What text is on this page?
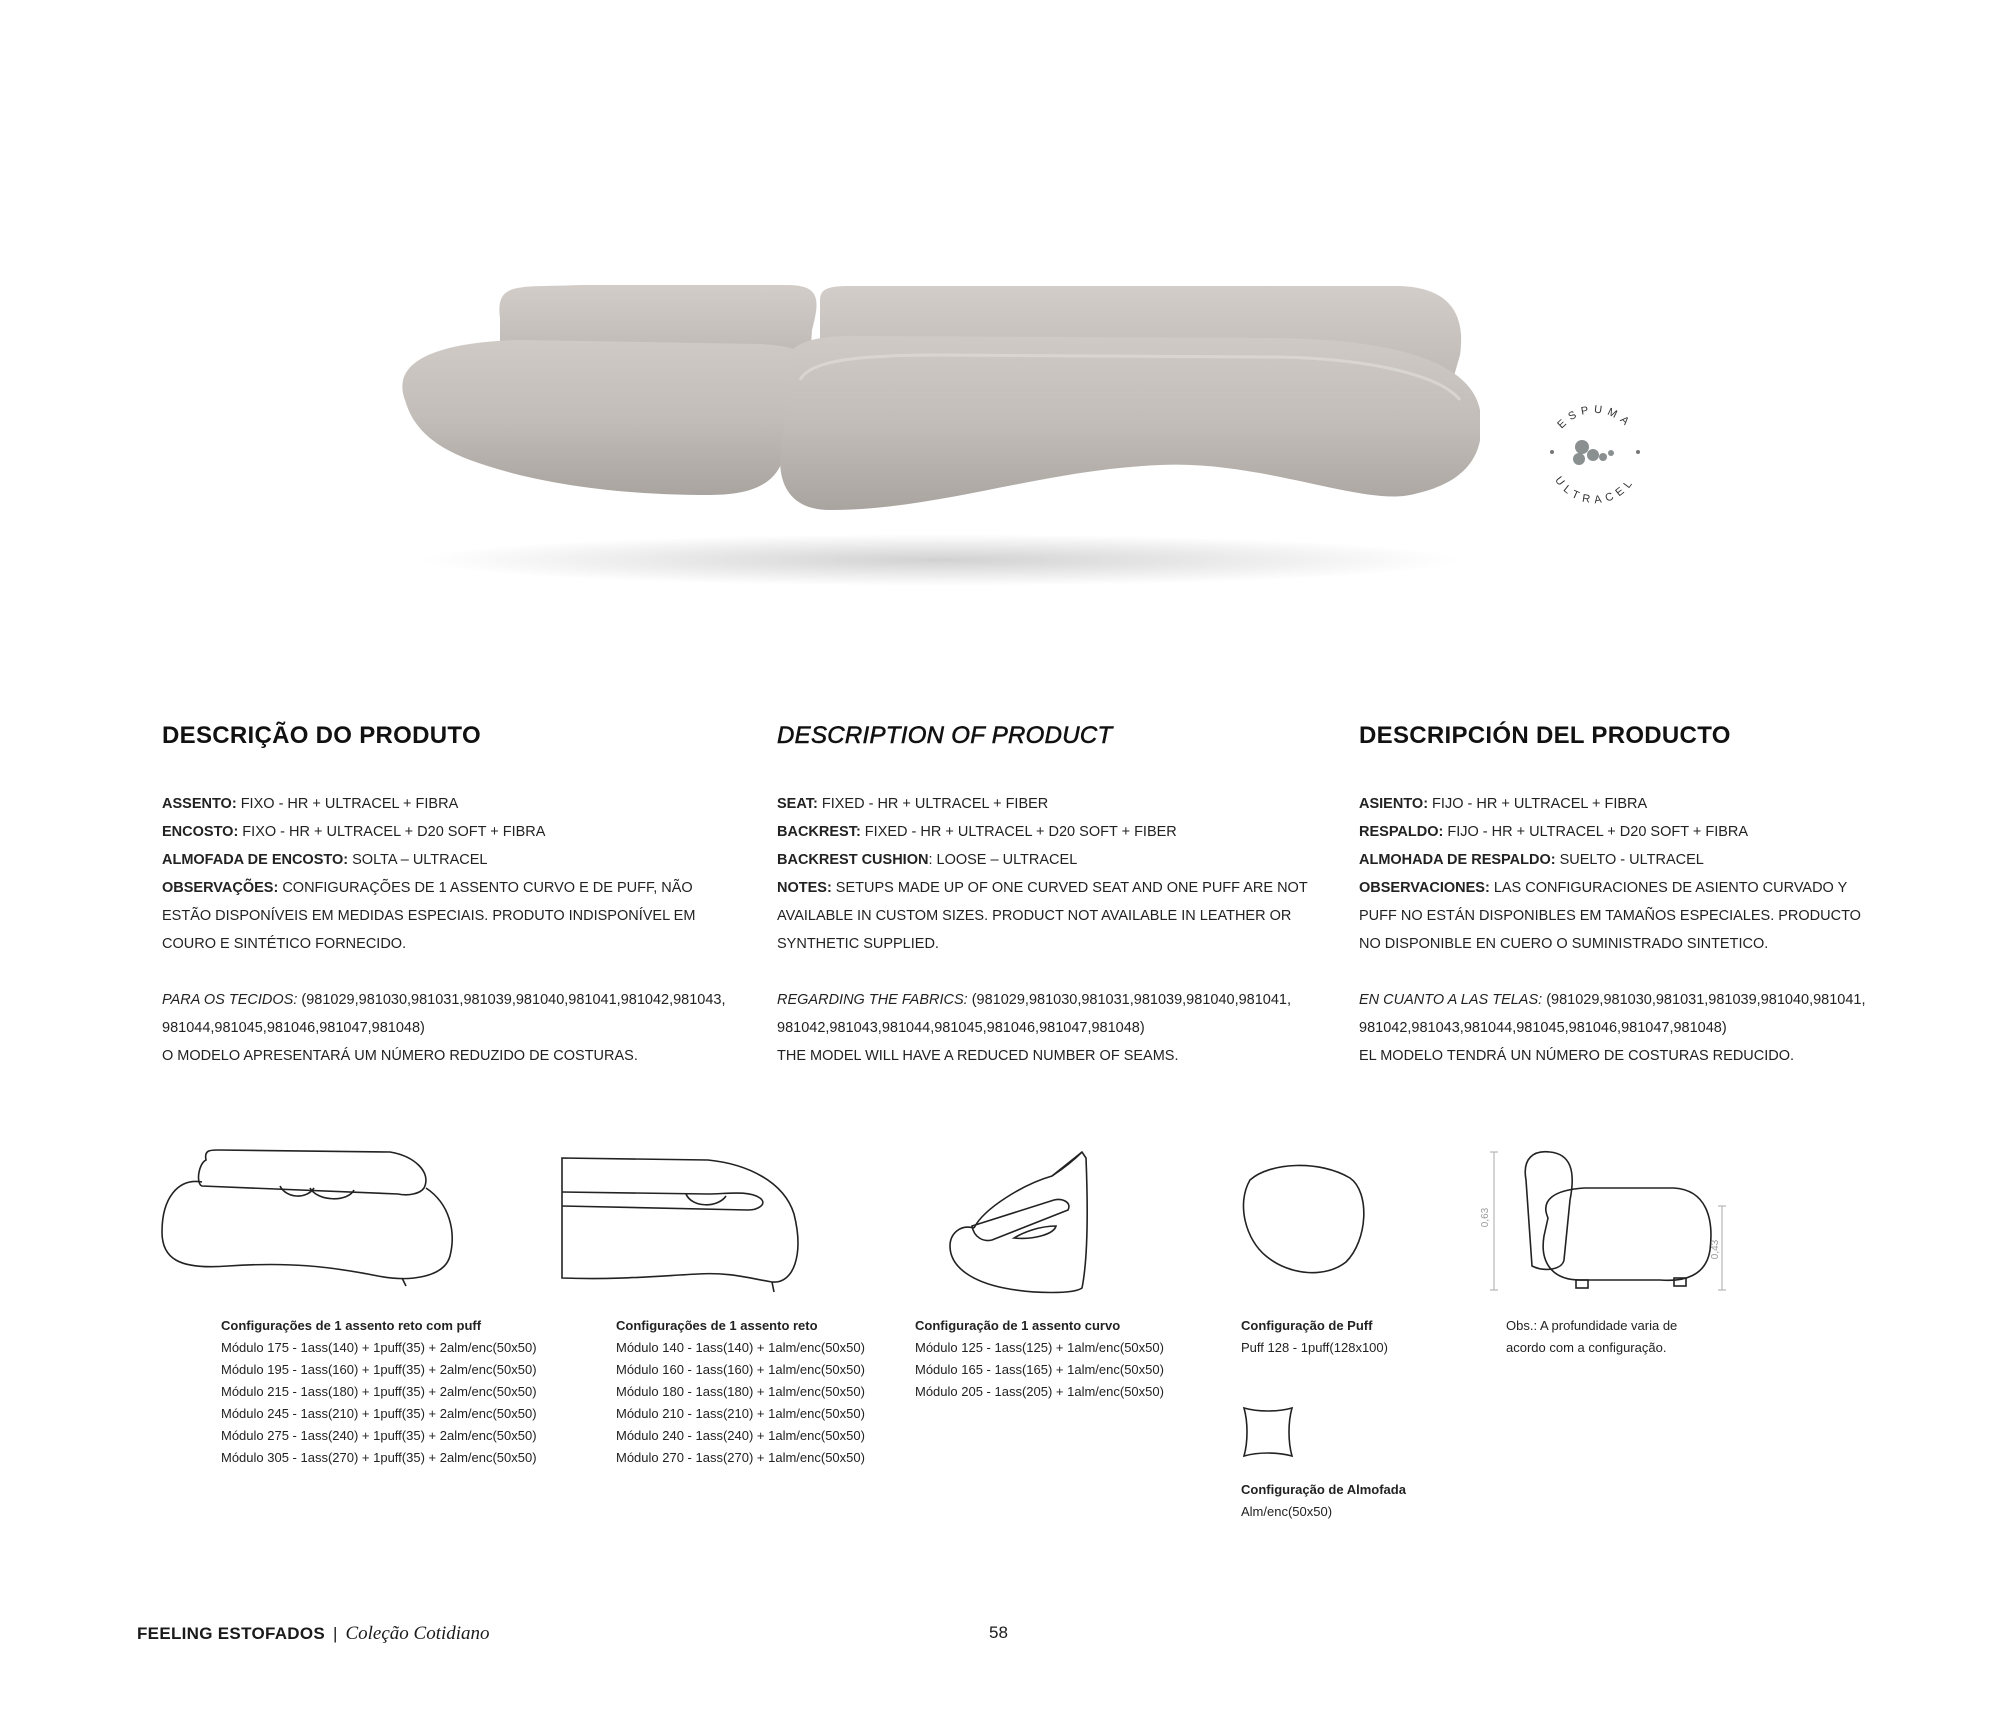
ESPUMA
ULTRACEL
DESCRIÇÃO DO PRODUTO

ASSENTO: FIXO - HR + ULTRACEL + FIBRA

ENCOSTO: FIXO - HR + ULTRACEL + D20 SOFT + FIBRA

ALMOFADA DE ENCOSTO: SOLTA – ULTRACEL

OBSERVAÇÕES: CONFIGURAÇÕES DE 1 ASSENTO CURVO E DE PUFF, NÃO

ESTÃO DISPONÍVEIS EM MEDIDAS ESPECIAIS. PRODUTO INDISPONÍVEL EM

COURO E SINTÉTICO FORNECIDO.

PARA OS TECIDOS: (981029,981030,981031,981039,981040,981041,981042,981043,

981044,981045,981046,981047,981048)

O MODELO APRESENTARÁ UM NÚMERO REDUZIDO DE COSTURAS.

DESCRIPTION OF PRODUCT

SEAT: FIXED - HR + ULTRACEL + FIBER

BACKREST: FIXED - HR + ULTRACEL + D20 SOFT + FIBER

BACKREST CUSHION: LOOSE – ULTRACEL

NOTES: SETUPS MADE UP OF ONE CURVED SEAT AND ONE PUFF ARE NOT

AVAILABLE IN CUSTOM SIZES. PRODUCT NOT AVAILABLE IN LEATHER OR

SYNTHETIC SUPPLIED.

REGARDING THE FABRICS: (981029,981030,981031,981039,981040,981041,

981042,981043,981044,981045,981046,981047,981048)

THE MODEL WILL HAVE A REDUCED NUMBER OF SEAMS.

DESCRIPCIÓN DEL PRODUCTO

ASIENTO: FIJO - HR + ULTRACEL + FIBRA

RESPALDO: FIJO - HR + ULTRACEL + D20 SOFT + FIBRA

ALMOHADA DE RESPALDO: SUELTO - ULTRACEL

OBSERVACIONES: LAS CONFIGURACIONES DE ASIENTO CURVADO Y

PUFF NO ESTÁN DISPONIBLES EM TAMAÑOS ESPECIALES. PRODUCTO

NO DISPONIBLE EN CUERO O SUMINISTRADO SINTETICO.

EN CUANTO A LAS TELAS: (981029,981030,981031,981039,981040,981041,

981042,981043,981044,981045,981046,981047,981048)

EL MODELO TENDRÁ UN NÚMERO DE COSTURAS REDUCIDO.

0,63
0,43
Configurações de 1 assento reto com puff
Módulo 175 - 1ass(140) + 1puff(35) + 2alm/enc(50x50)
Módulo 195 - 1ass(160) + 1puff(35) + 2alm/enc(50x50)
Módulo 215 - 1ass(180) + 1puff(35) + 2alm/enc(50x50)
Módulo 245 - 1ass(210) + 1puff(35) + 2alm/enc(50x50)
Módulo 275 - 1ass(240) + 1puff(35) + 2alm/enc(50x50)
Módulo 305 - 1ass(270) + 1puff(35) + 2alm/enc(50x50)
Configurações de 1 assento reto
Módulo 140 - 1ass(140) + 1alm/enc(50x50)
Módulo 160 - 1ass(160) + 1alm/enc(50x50)
Módulo 180 - 1ass(180) + 1alm/enc(50x50)
Módulo 210 - 1ass(210) + 1alm/enc(50x50)
Módulo 240 - 1ass(240) + 1alm/enc(50x50)
Módulo 270 - 1ass(270) + 1alm/enc(50x50)
Configuração de 1 assento curvo
Módulo 125 - 1ass(125) + 1alm/enc(50x50)
Módulo 165 - 1ass(165) + 1alm/enc(50x50)
Módulo 205 - 1ass(205) + 1alm/enc(50x50)
Configuração de Puff
Puff 128 - 1puff(128x100)
Configuração de Almofada
Alm/enc(50x50)
Obs.: A profundidade varia de
acordo com a configuração.
FEELING ESTOFADOS | Coleção Cotidiano	58
